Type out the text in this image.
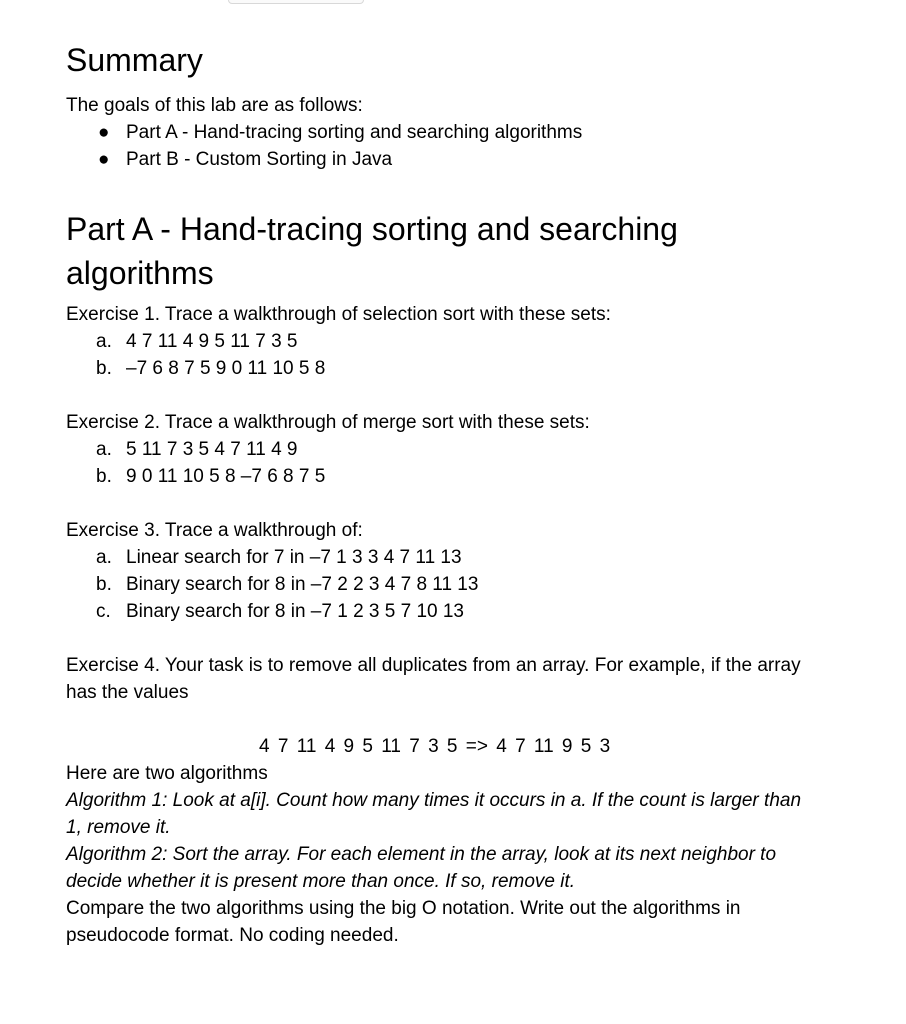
Summary

The goals of this lab are as follows:

● Part A - Hand-tracing sorting and searching algorithms
● Part B - Custom Sorting in Java
Part A - Hand-tracing sorting and searching
algorithms

Exercise 1. Trace a walkthrough of selection sort with these sets:

a. 4 7 11 4 9 5 11 7 3 5
b. –7 6 8 7 5 9 0 11 10 5 8

Exercise 2. Trace a walkthrough of merge sort with these sets:

a. 5 11 7 3 5 4 7 11 4 9
b. 9 0 11 10 5 8 –7 6 8 7 5

Exercise 3. Trace a walkthrough of:

a. Linear search for 7 in –7 1 3 3 4 7 11 13
b. Binary search for 8 in –7 2 2 3 4 7 8 11 13
c. Binary search for 8 in –7 1 2 3 5 7 10 13

Exercise 4. Your task is to remove all duplicates from an array. For example, if the array

has the values

4 7 11 4 9 5 11 7 3 5 => 4 7 11 9 5 3

Here are two algorithms

Algorithm 1: Look at a[i]. Count how many times it occurs in a. If the count is larger than

1, remove it.

Algorithm 2: Sort the array. For each element in the array, look at its next neighbor to

decide whether it is present more than once. If so, remove it.

Compare the two algorithms using the big O notation. Write out the algorithms in

pseudocode format. No coding needed.
